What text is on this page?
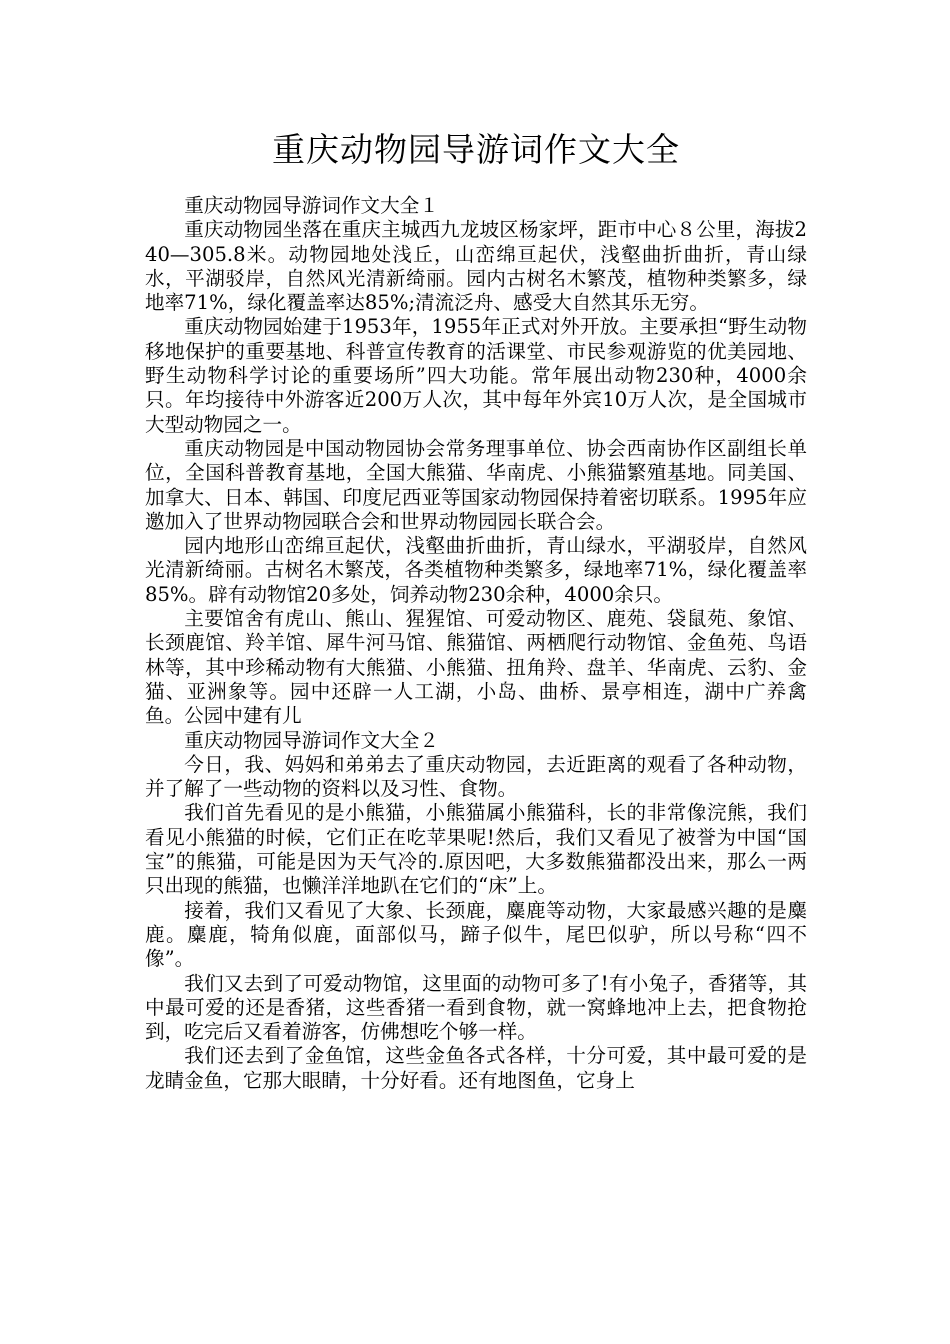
重庆动物园导游词作文大全

重庆动物园导游词作文大全１

重庆动物园坐落在重庆主城西九龙坡区杨家坪，距市中心８公里，海拔240—305.8米。动物园地处浅丘，山峦绵亘起伏，浅壑曲折曲折，青山绿水，平湖驳岸，自然风光清新绮丽。园内古树名木繁茂，植物种类繁多，绿地率71%，绿化覆盖率达85%;清流泛舟、感受大自然其乐无穷。

重庆动物园始建于1953年，1955年正式对外开放。主要承担“野生动物移地保护的重要基地、科普宣传教育的活课堂、市民参观游览的优美园地、野生动物科学讨论的重要场所”四大功能。常年展出动物230种，4000余只。年均接待中外游客近200万人次，其中每年外宾10万人次，是全国城市大型动物园之一。

重庆动物园是中国动物园协会常务理事单位、协会西南协作区副组长单位，全国科普教育基地，全国大熊猫、华南虎、小熊猫繁殖基地。同美国、加拿大、日本、韩国、印度尼西亚等国家动物园保持着密切联系。1995年应邀加入了世界动物园联合会和世界动物园园长联合会。

园内地形山峦绵亘起伏，浅壑曲折曲折，青山绿水，平湖驳岸，自然风光清新绮丽。古树名木繁茂，各类植物种类繁多，绿地率71%，绿化覆盖率85%。辟有动物馆20多处，饲养动物230余种，4000余只。

主要馆舍有虎山、熊山、猩猩馆、可爱动物区、鹿苑、袋鼠苑、象馆、长颈鹿馆、羚羊馆、犀牛河马馆、熊猫馆、两栖爬行动物馆、金鱼苑、鸟语林等，其中珍稀动物有大熊猫、小熊猫、扭角羚、盘羊、华南虎、云豹、金猫、亚洲象等。园中还辟一人工湖，小岛、曲桥、景亭相连，湖中广养禽鱼。公园中建有儿

重庆动物园导游词作文大全２

今日，我、妈妈和弟弟去了重庆动物园，去近距离的观看了各种动物，并了解了一些动物的资料以及习性、食物。

我们首先看见的是小熊猫，小熊猫属小熊猫科，长的非常像浣熊，我们看见小熊猫的时候，它们正在吃苹果呢!然后，我们又看见了被誉为中国“国宝”的熊猫，可能是因为天气冷的.原因吧，大多数熊猫都没出来，那么一两只出现的熊猫，也懒洋洋地趴在它们的“床”上。

接着，我们又看见了大象、长颈鹿，麋鹿等动物，大家最感兴趣的是麋鹿。麋鹿，犄角似鹿，面部似马，蹄子似牛，尾巴似驴，所以号称“四不像”。

我们又去到了可爱动物馆，这里面的动物可多了!有小兔子，香猪等，其中最可爱的还是香猪，这些香猪一看到食物，就一窝蜂地冲上去，把食物抢到，吃完后又看着游客，仿佛想吃个够一样。

我们还去到了金鱼馆，这些金鱼各式各样，十分可爱，其中最可爱的是龙睛金鱼，它那大眼睛，十分好看。还有地图鱼，它身上
